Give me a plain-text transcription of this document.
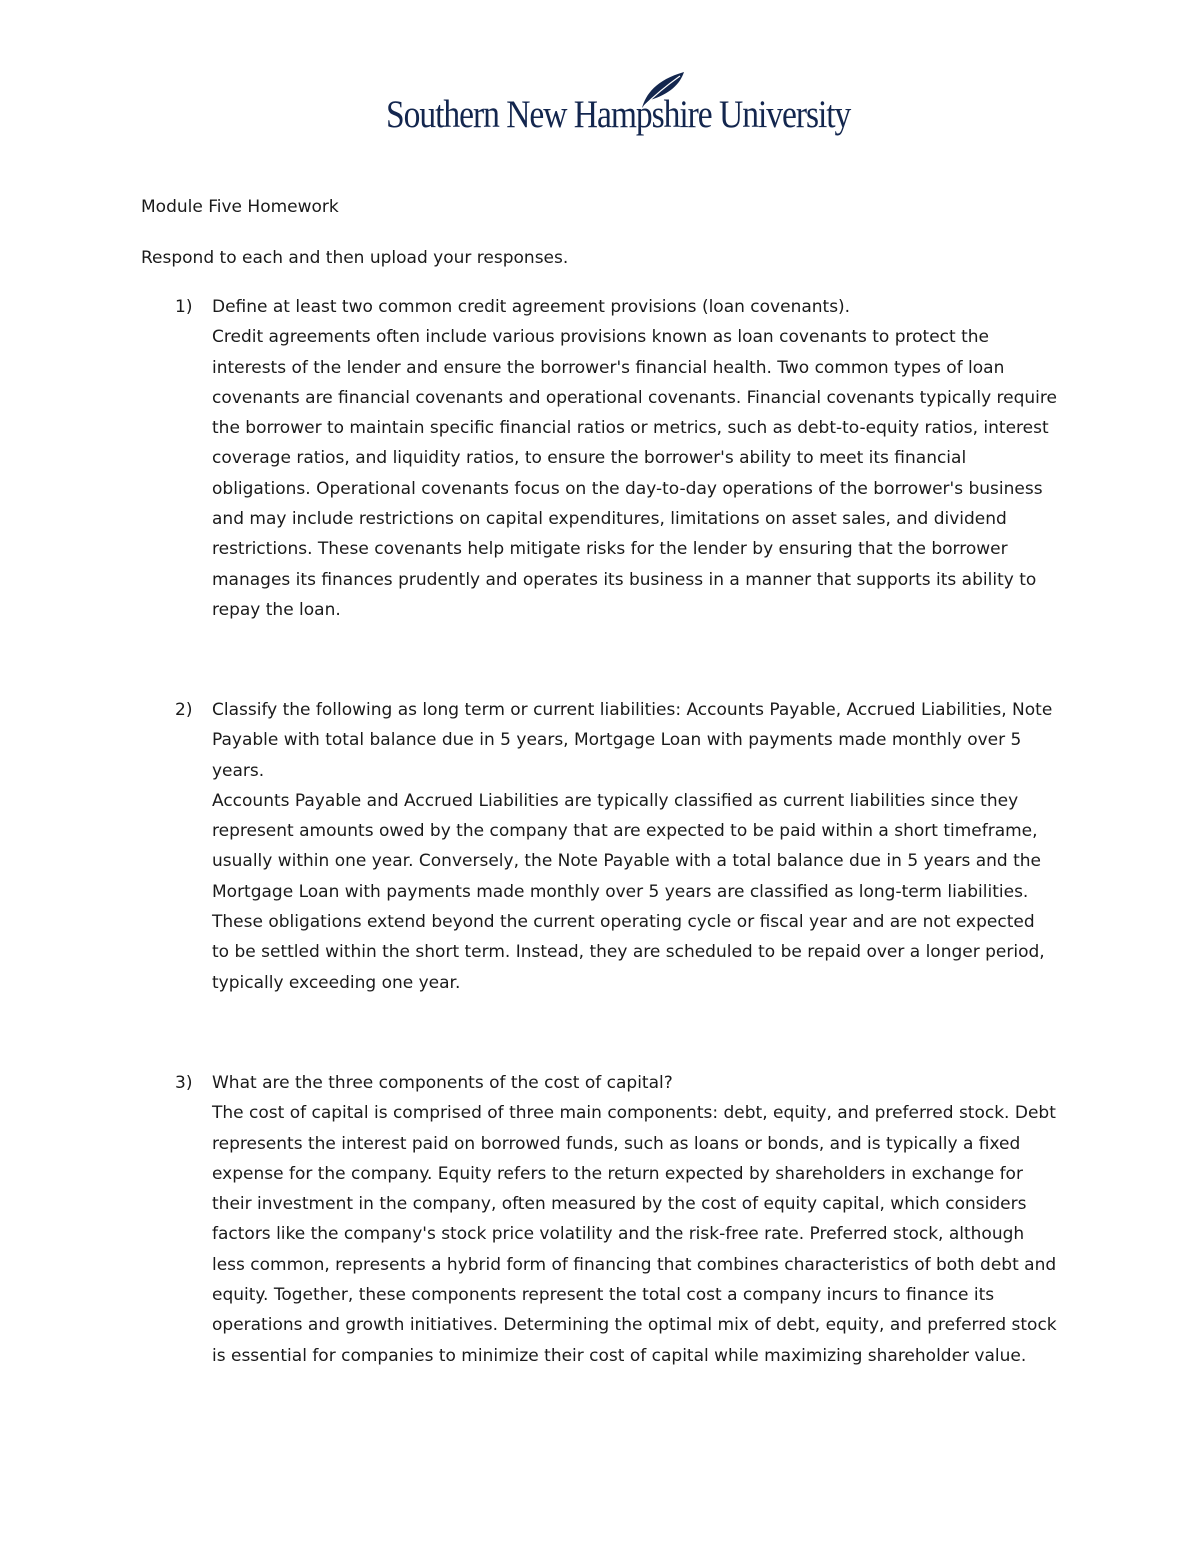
Southern New Hampshire University
Module Five Homework
Respond to each and then upload your responses.
1) Define at least two common credit agreement provisions (loan covenants).
Credit agreements often include various provisions known as loan covenants to protect the interests of the lender and ensure the borrower's financial health. Two common types of loan covenants are financial covenants and operational covenants. Financial covenants typically require the borrower to maintain specific financial ratios or metrics, such as debt-to-equity ratios, interest coverage ratios, and liquidity ratios, to ensure the borrower's ability to meet its financial obligations. Operational covenants focus on the day-to-day operations of the borrower's business and may include restrictions on capital expenditures, limitations on asset sales, and dividend restrictions. These covenants help mitigate risks for the lender by ensuring that the borrower manages its finances prudently and operates its business in a manner that supports its ability to repay the loan.
2) Classify the following as long term or current liabilities: Accounts Payable, Accrued Liabilities, Note Payable with total balance due in 5 years, Mortgage Loan with payments made monthly over 5 years.
Accounts Payable and Accrued Liabilities are typically classified as current liabilities since they represent amounts owed by the company that are expected to be paid within a short timeframe, usually within one year. Conversely, the Note Payable with a total balance due in 5 years and the Mortgage Loan with payments made monthly over 5 years are classified as long-term liabilities. These obligations extend beyond the current operating cycle or fiscal year and are not expected to be settled within the short term. Instead, they are scheduled to be repaid over a longer period, typically exceeding one year.
3) What are the three components of the cost of capital?
The cost of capital is comprised of three main components: debt, equity, and preferred stock. Debt represents the interest paid on borrowed funds, such as loans or bonds, and is typically a fixed expense for the company. Equity refers to the return expected by shareholders in exchange for their investment in the company, often measured by the cost of equity capital, which considers factors like the company's stock price volatility and the risk-free rate. Preferred stock, although less common, represents a hybrid form of financing that combines characteristics of both debt and equity. Together, these components represent the total cost a company incurs to finance its operations and growth initiatives. Determining the optimal mix of debt, equity, and preferred stock is essential for companies to minimize their cost of capital while maximizing shareholder value.
